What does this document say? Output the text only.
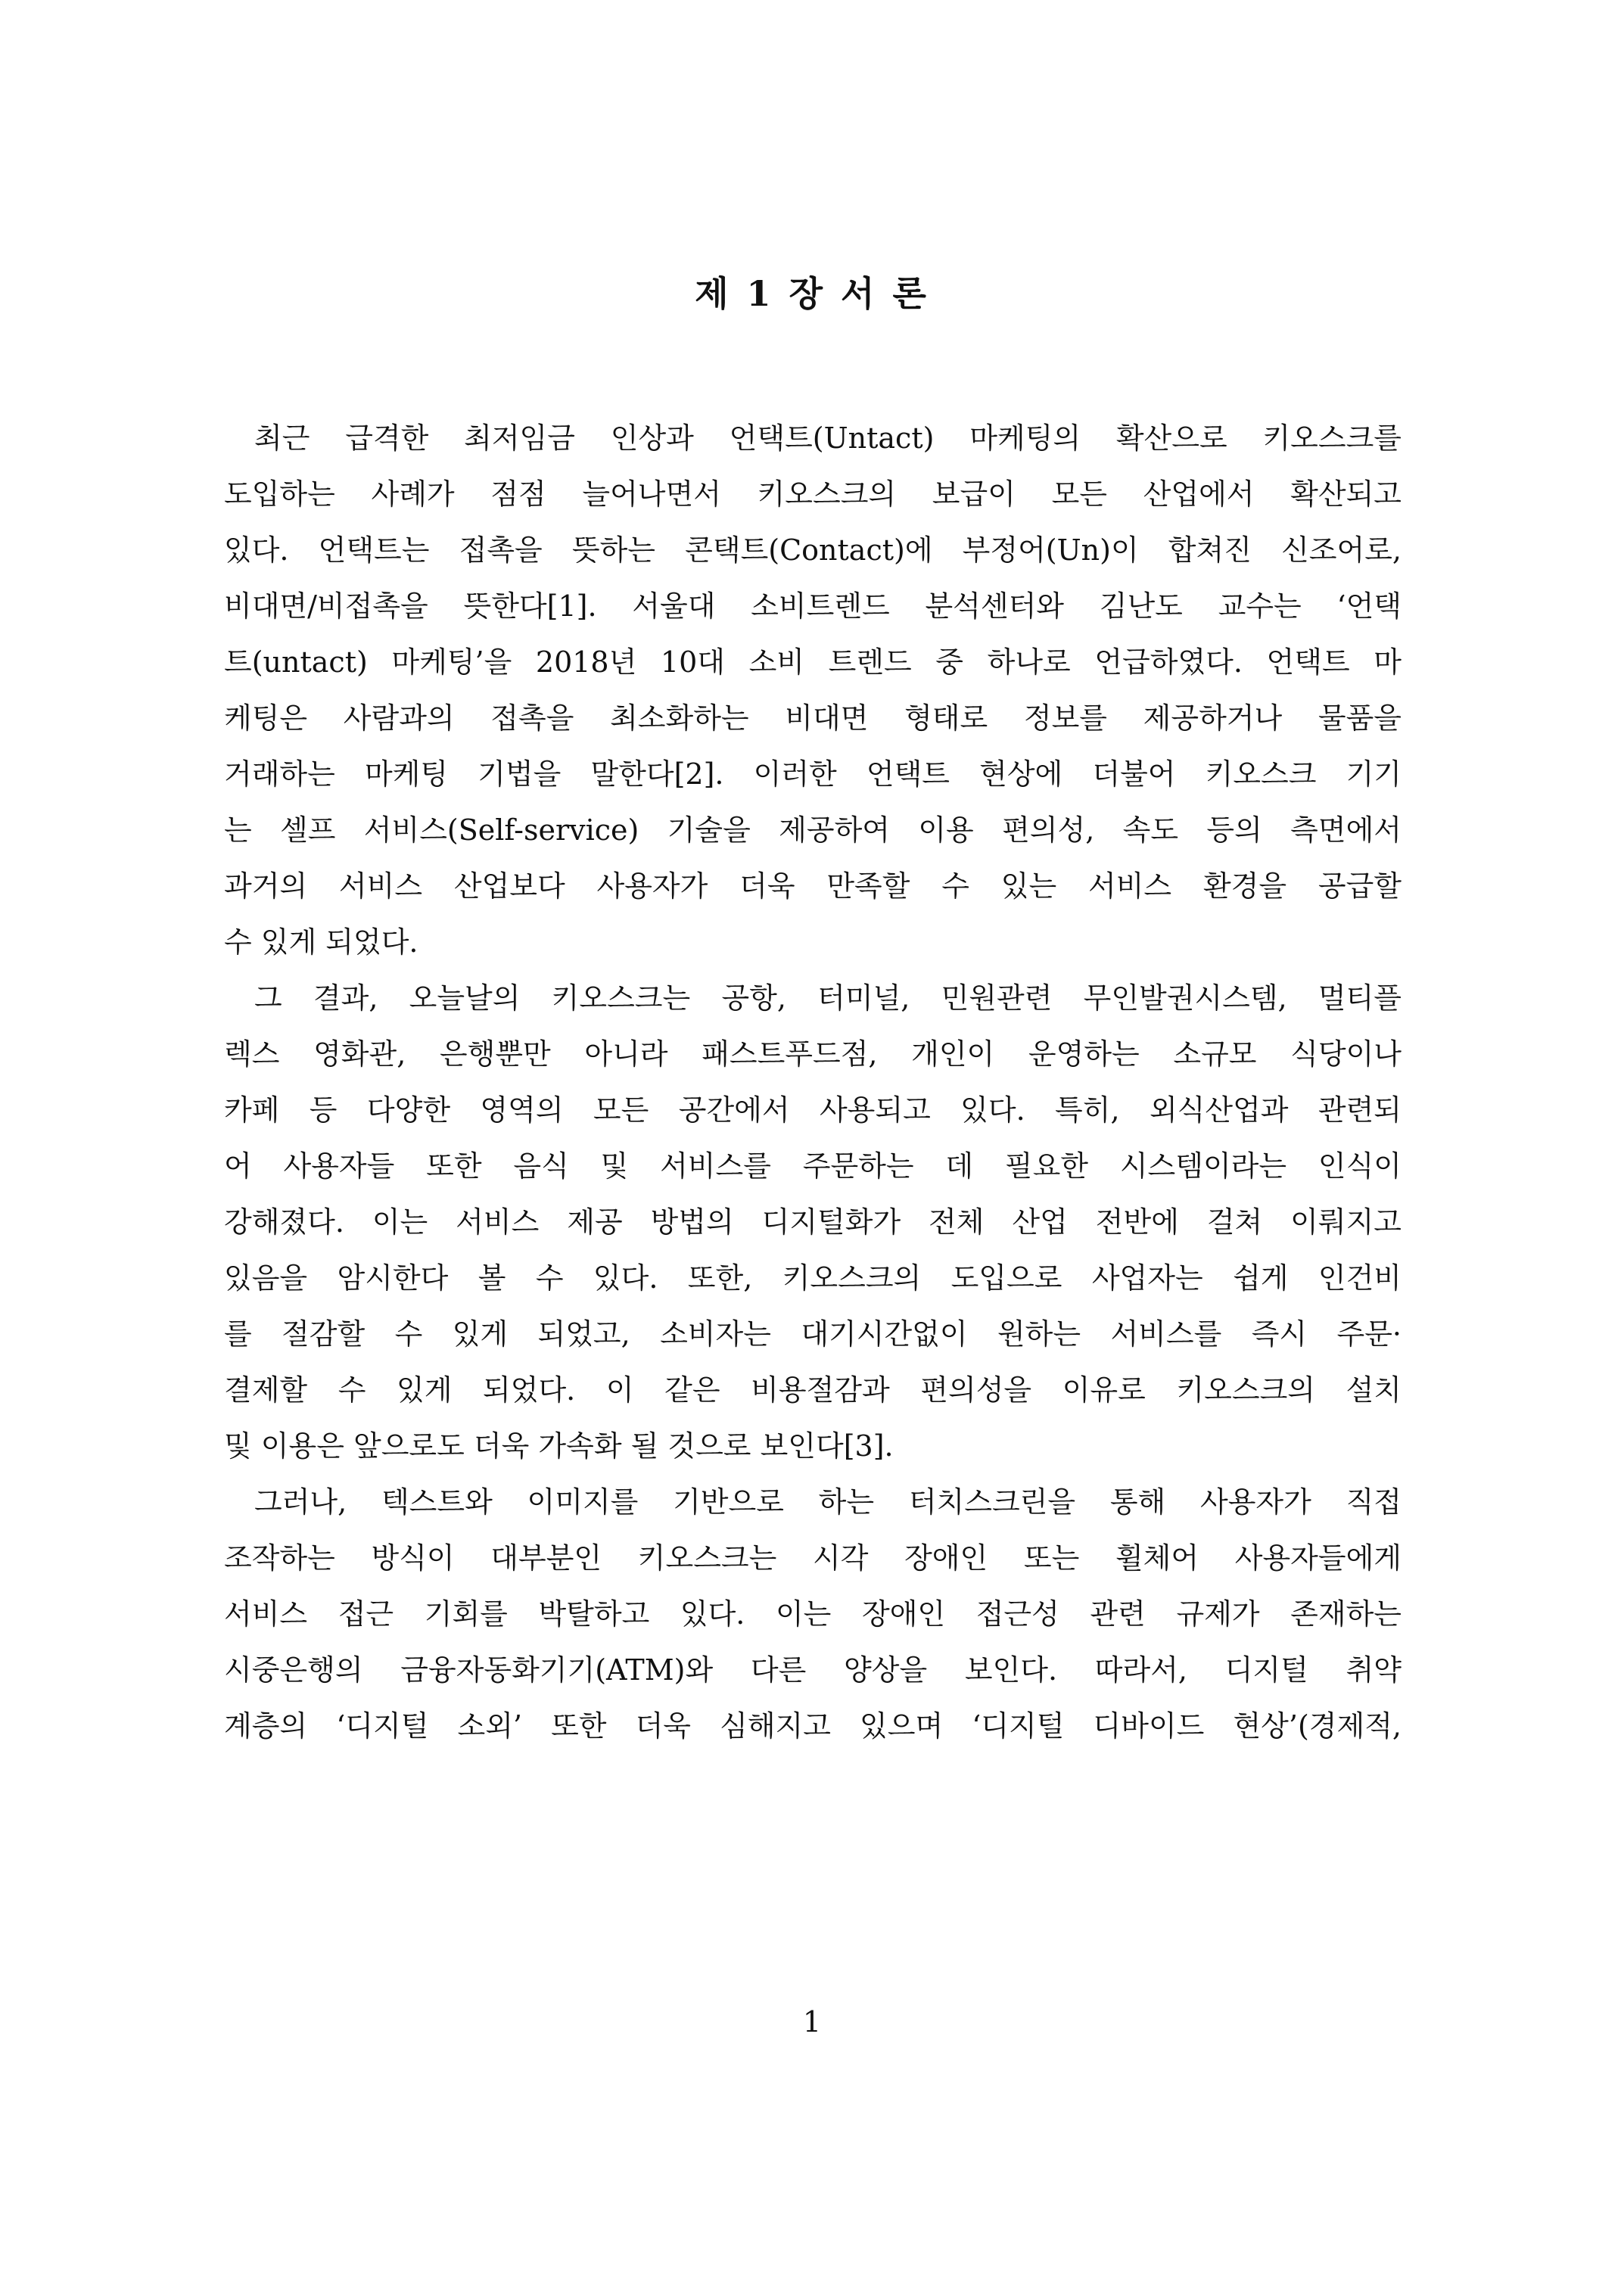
제 1 장 서 론
최근 급격한 최저임금 인상과 언택트(Untact) 마케팅의 확산으로 키오스크를
도입하는 사례가 점점 늘어나면서 키오스크의 보급이 모든 산업에서 확산되고
있다. 언택트는 접촉을 뜻하는 콘택트(Contact)에 부정어(Un)이 합쳐진 신조어로,
비대면/비접촉을 뜻한다[1]. 서울대 소비트렌드 분석센터와 김난도 교수는 ‘언택
트(untact) 마케팅’을 2018년 10대 소비 트렌드 중 하나로 언급하였다. 언택트 마
케팅은 사람과의 접촉을 최소화하는 비대면 형태로 정보를 제공하거나 물품을
거래하는 마케팅 기법을 말한다[2]. 이러한 언택트 현상에 더불어 키오스크 기기
는 셀프 서비스(Self-service) 기술을 제공하여 이용 편의성, 속도 등의 측면에서
과거의 서비스 산업보다 사용자가 더욱 만족할 수 있는 서비스 환경을 공급할
수 있게 되었다.
그 결과, 오늘날의 키오스크는 공항, 터미널, 민원관련 무인발권시스템, 멀티플
렉스 영화관, 은행뿐만 아니라 패스트푸드점, 개인이 운영하는 소규모 식당이나
카페 등 다양한 영역의 모든 공간에서 사용되고 있다. 특히, 외식산업과 관련되
어 사용자들 또한 음식 및 서비스를 주문하는 데 필요한 시스템이라는 인식이
강해졌다. 이는 서비스 제공 방법의 디지털화가 전체 산업 전반에 걸쳐 이뤄지고
있음을 암시한다 볼 수 있다. 또한, 키오스크의 도입으로 사업자는 쉽게 인건비
를 절감할 수 있게 되었고, 소비자는 대기시간없이 원하는 서비스를 즉시 주문·
결제할 수 있게 되었다. 이 같은 비용절감과 편의성을 이유로 키오스크의 설치
및 이용은 앞으로도 더욱 가속화 될 것으로 보인다[3].
그러나, 텍스트와 이미지를 기반으로 하는 터치스크린을 통해 사용자가 직접
조작하는 방식이 대부분인 키오스크는 시각 장애인 또는 휠체어 사용자들에게
서비스 접근 기회를 박탈하고 있다. 이는 장애인 접근성 관련 규제가 존재하는
시중은행의 금융자동화기기(ATM)와 다른 양상을 보인다. 따라서, 디지털 취약
계층의 ‘디지털 소외’ 또한 더욱 심해지고 있으며 ‘디지털 디바이드 현상’(경제적,

1
